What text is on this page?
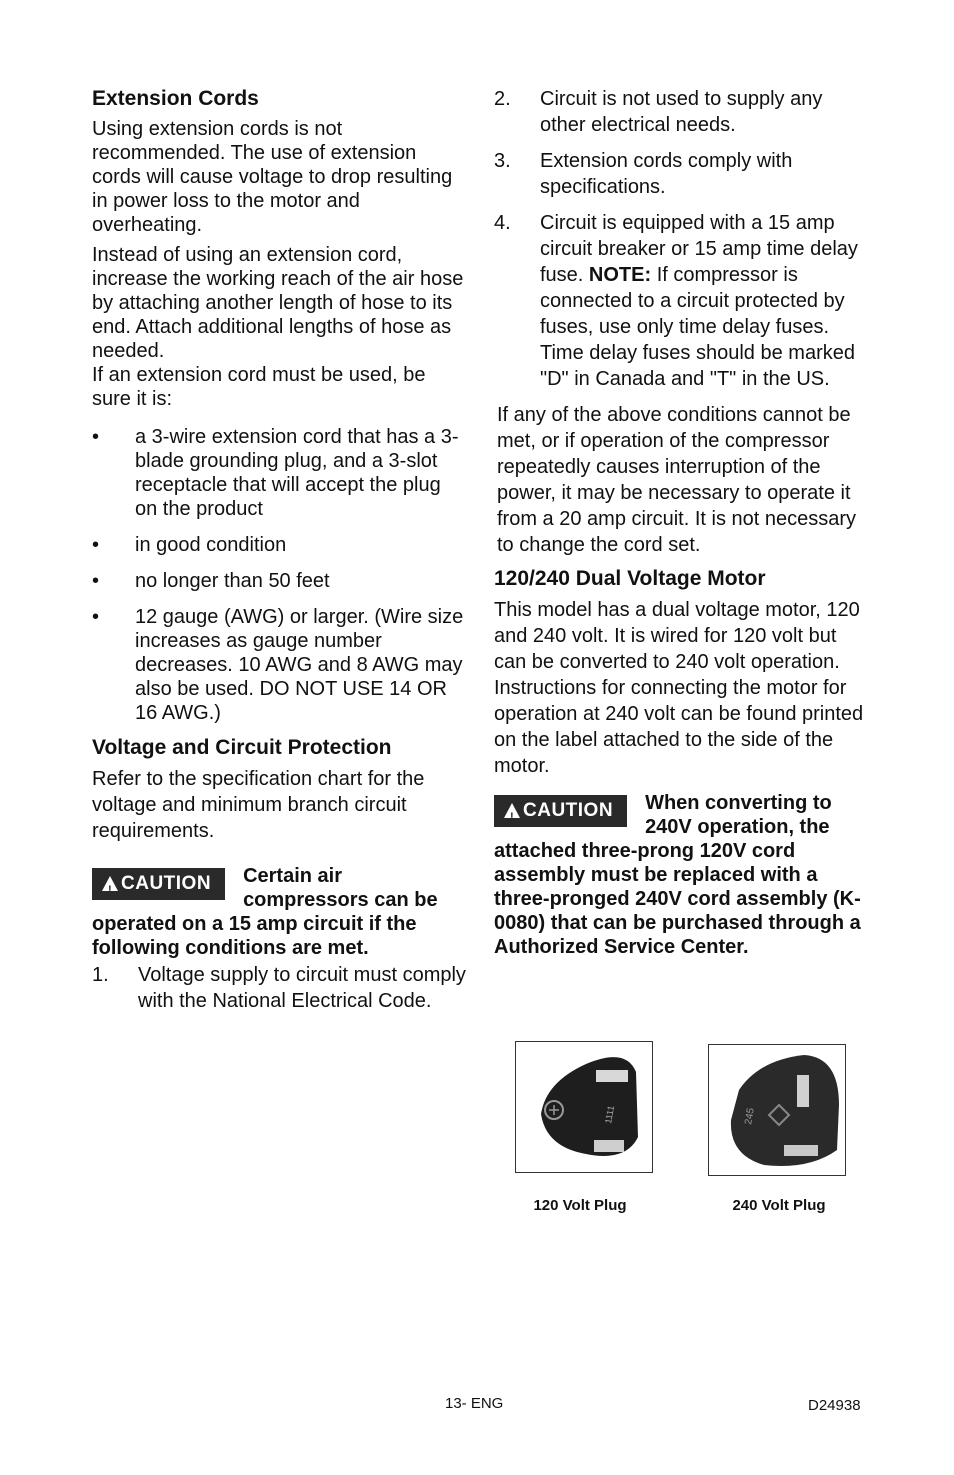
Extension Cords

Using extension cords is not recommended. The use of extension cords will cause voltage to drop resulting in power loss to the motor and overheating.

Instead of using an extension cord, increase the working reach of the air hose by attaching another length of hose to its end. Attach additional lengths of hose as needed.

If an extension cord must be used, be sure it is:

• a 3-wire extension cord that has a 3-blade grounding plug, and a 3-slot receptacle that will accept the plug on the product
• in good condition
• no longer than 50 feet
• 12 gauge (AWG) or larger. (Wire size increases as gauge number decreases. 10 AWG and 8 AWG may also be used. DO NOT USE 14 OR 16 AWG.)
Voltage and Circuit Protection

Refer to the specification chart for the voltage and minimum branch circuit requirements.

!CAUTION	Certain air compressors can be operated on a 15 amp circuit if the following conditions are met.
1. Voltage supply to circuit must comply with the National Electrical Code.
2. Circuit is not used to supply any other electrical needs.
3. Extension cords comply with specifications.
4. Circuit is equipped with a 15 amp circuit breaker or 15 amp time delay fuse. NOTE: If compressor is connected to a circuit protected by fuses, use only time delay fuses. Time delay fuses should be marked "D" in Canada and "T" in the US.

If any of the above conditions cannot be met, or if operation of the compressor repeatedly causes interruption of the power, it may be necessary to operate it from a 20 amp circuit. It is not necessary to change the cord set.

120/240 Dual Voltage Motor

This model has a dual voltage motor, 120 and 240 volt. It is wired for 120 volt but can be converted to 240 volt operation. Instructions for connecting the motor for operation at 240 volt can be found printed on the label attached to the side of the motor.

!CAUTION	When converting to 240V operation, the attached three-prong 120V cord assembly must be replaced with a three-pronged 240V cord assembly (K-0080) that can be purchased through a Authorized Service Center.
1111	245
120 Volt Plug	240 Volt Plug
13- ENG	D24938
